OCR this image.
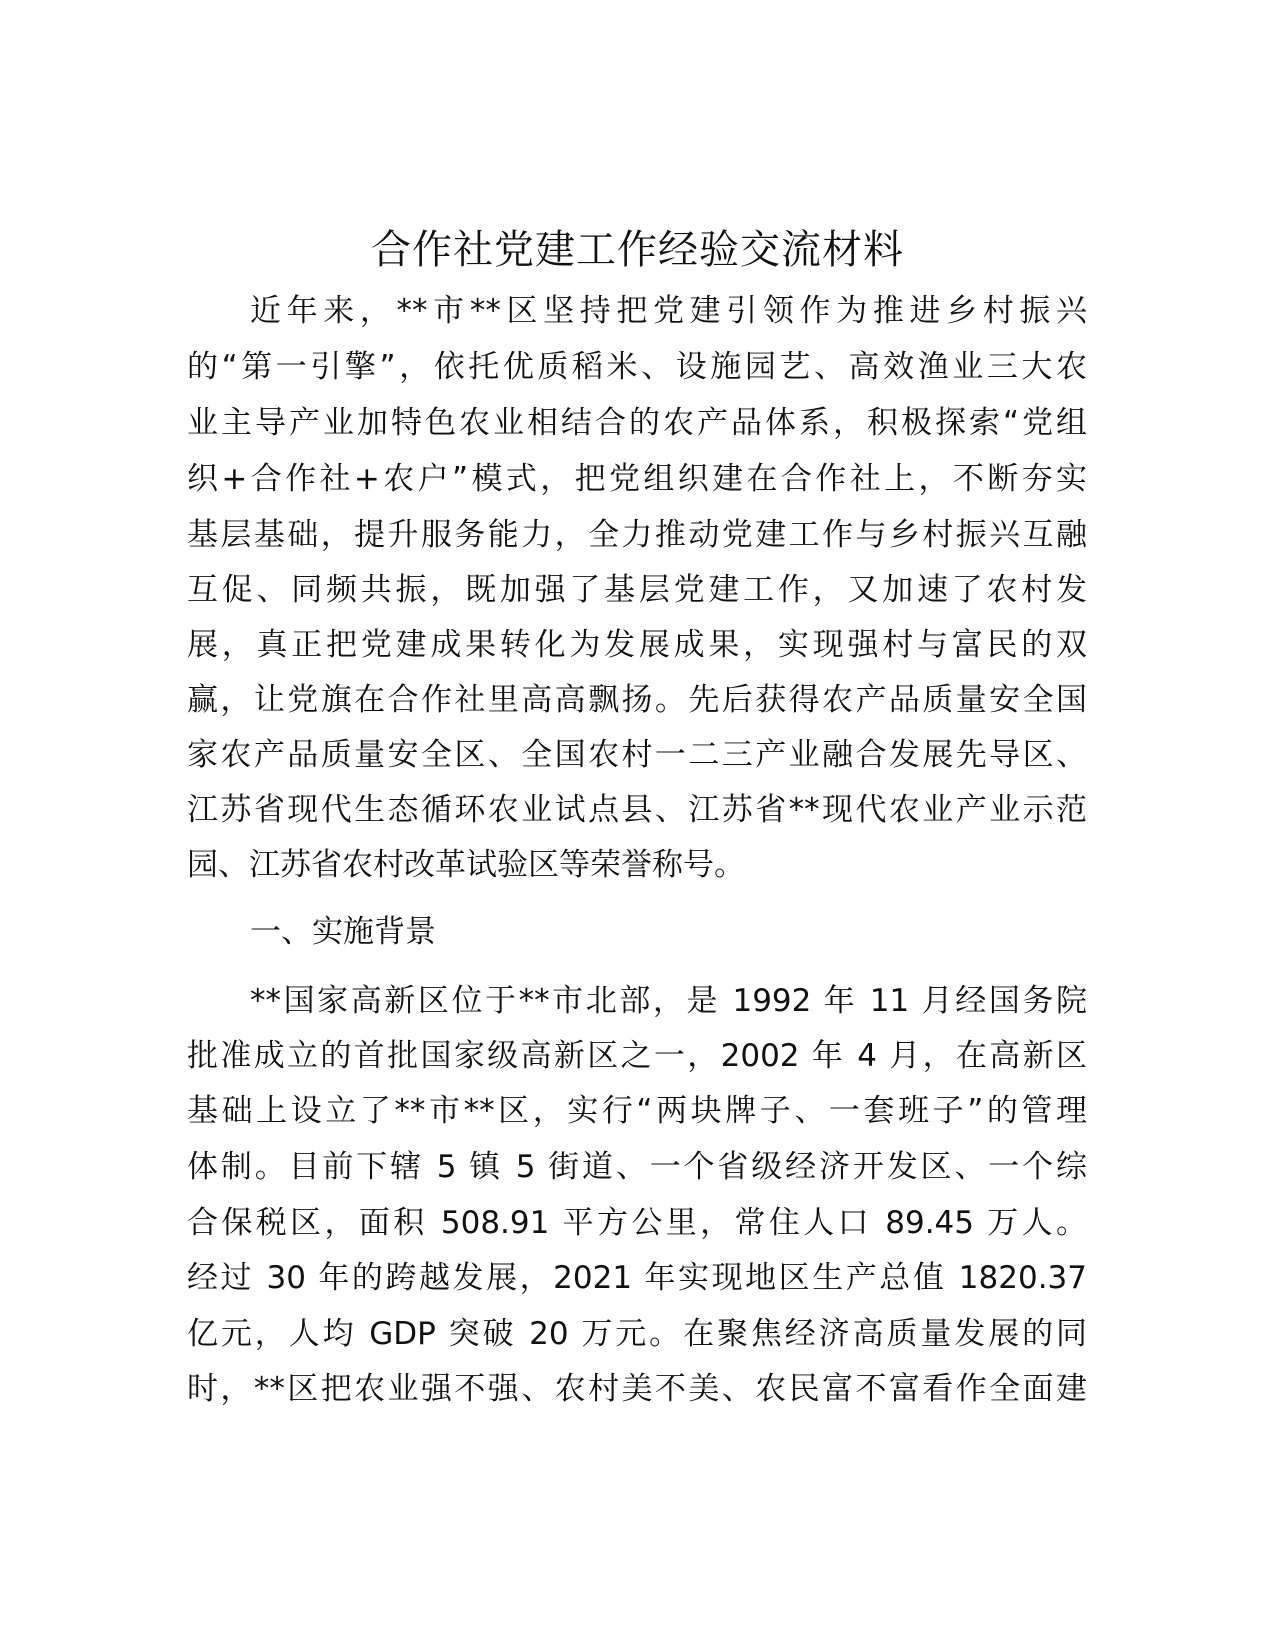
合作社党建工作经验交流材料

近年来，**市**区坚持把党建引领作为推进乡村振兴

的“第一引擎”，依托优质稻米、设施园艺、高效渔业三大农

业主导产业加特色农业相结合的农产品体系，积极探索“党组

织+合作社+农户”模式，把党组织建在合作社上，不断夯实

基层基础，提升服务能力，全力推动党建工作与乡村振兴互融

互促、同频共振，既加强了基层党建工作，又加速了农村发

展，真正把党建成果转化为发展成果，实现强村与富民的双

赢，让党旗在合作社里高高飘扬。先后获得农产品质量安全国

家农产品质量安全区、全国农村一二三产业融合发展先导区、

江苏省现代生态循环农业试点县、江苏省**现代农业产业示范

园、江苏省农村改革试验区等荣誉称号。

一、实施背景

**国家高新区位于**市北部，是 1992 年 11 月经国务院

批准成立的首批国家级高新区之一，2002 年 4 月，在高新区

基础上设立了**市**区，实行“两块牌子、一套班子”的管理

体制。目前下辖 5 镇 5 街道、一个省级经济开发区、一个综

合保税区，面积 508.91 平方公里，常住人口 89.45 万人。

经过 30 年的跨越发展，2021 年实现地区生产总值 1820.37

亿元，人均 GDP 突破 20 万元。在聚焦经济高质量发展的同

时，**区把农业强不强、农村美不美、农民富不富看作全面建
